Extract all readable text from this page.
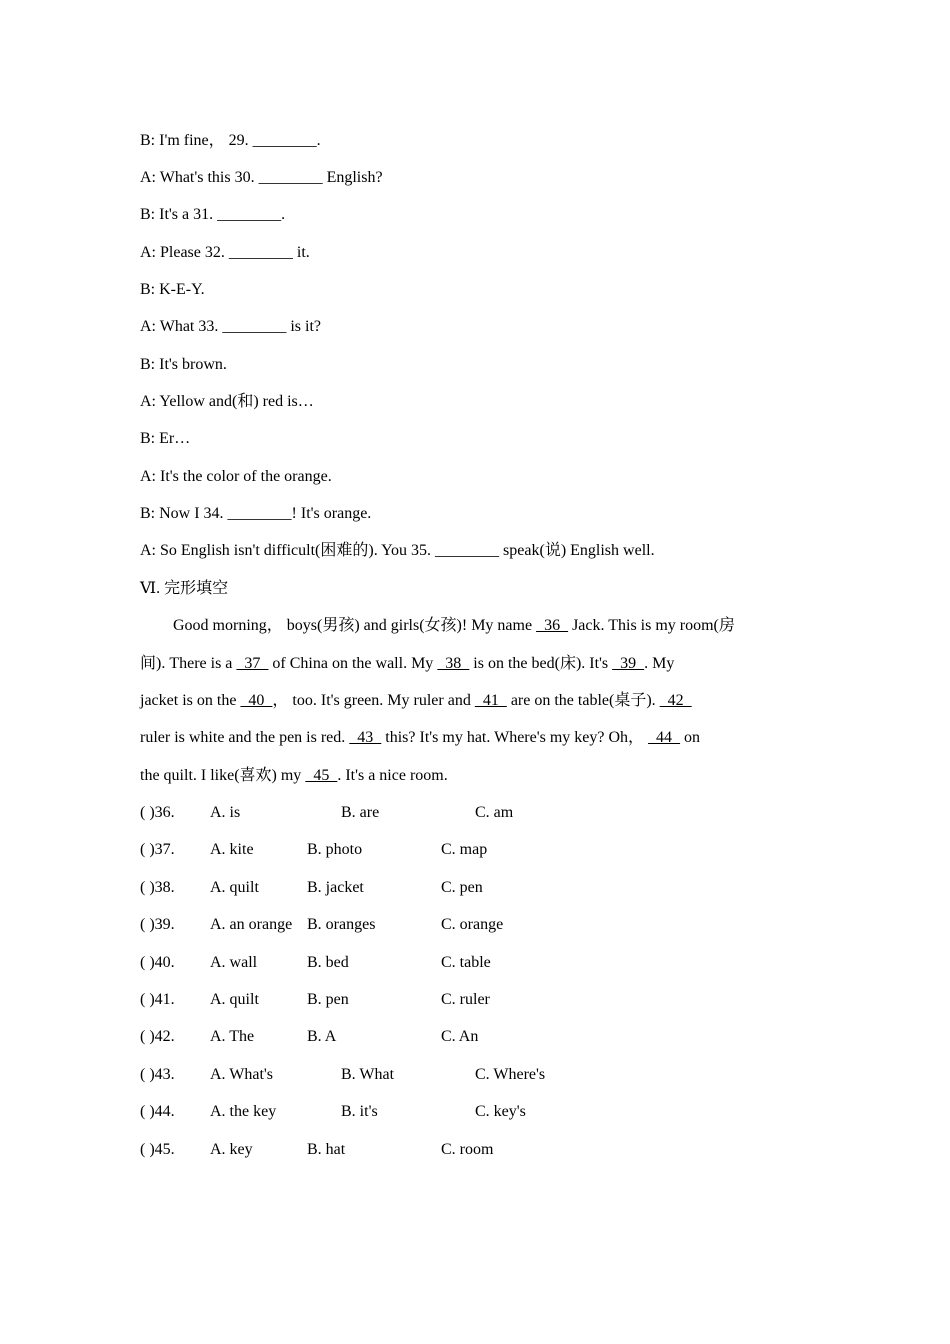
B: I'm fine， 29. ________.
A: What's this 30. ________ English?
B: It's a 31. ________.
A: Please 32. ________ it.
B: K-E-Y.
A: What 33. ________ is it?
B: It's brown.
A: Yellow and(和) red is…
B: Er…
A: It's the color of the orange.
B: Now I 34. ________! It's orange.
A: So English isn't difficult(困难的). You 35. ________ speak(说) English well.
Ⅵ. 完形填空
Good morning， boys(男孩) and girls(女孩)! My name   36   Jack. This is my room(房
间). There is a   37   of China on the wall. My   38   is on the bed(床). It's   39  . My
jacket is on the   40  ， too. It's green. My ruler and   41   are on the table(桌子).   42
ruler is white and the pen is red.   43   this? It's my hat. Where's my key? Oh，   44   on
the quilt. I like(喜欢) my   45  . It's a nice room.
( )36. A. is	B. are	C. am
( )37. A. kite	B. photo	C. map
( )38. A. quilt	B. jacket	C. pen
( )39. A. an orange B. oranges	C. orange
( )40. A. wall	B. bed	C. table
( )41. A. quilt	B. pen	C. ruler
( )42. A. The	B. A	C. An
( )43. A. What's	B. What	C. Where's
( )44. A. the key	B. it's	C. key's
( )45. A. key	B. hat	C. room
